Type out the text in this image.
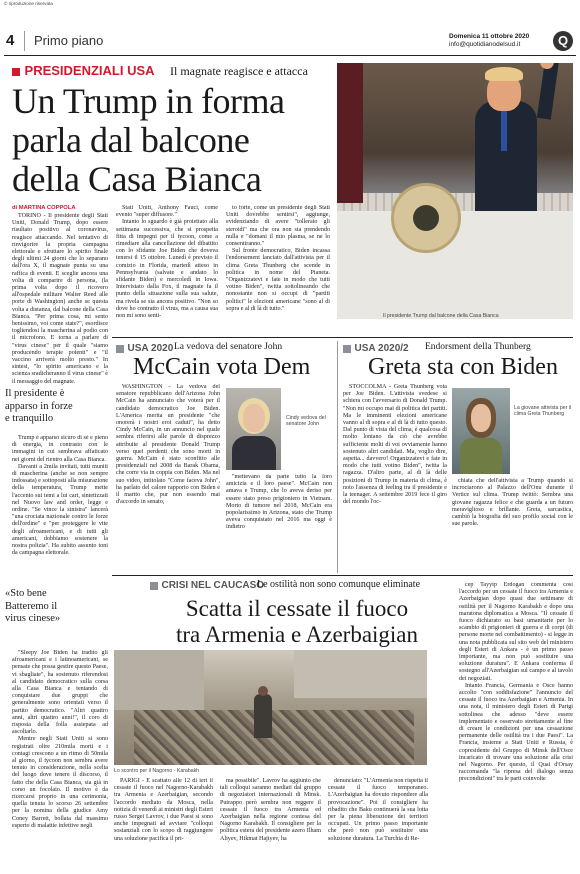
© riproduzione riservata
4 Primo piano	Domenica 11 ottobre 2020
info@quotidianodelsud.it	Q
PRESIDENZIALI USA Il magnate reagisce e attacca
Un Trump in forma
parla dal balcone
della Casa Bianca
Il presidente Trump dal balcone della Casa Bianca
di MARTINA COPPOLA

TORINO - Il presidente degli Stati Uniti, Donald Trump, dopo essere risultato positivo al coronavirus, reagisce attaccando. Nel tentativo di rinvigorire la propria campagna elettorale e sfruttare lo spirito finale degli ultimi 24 giorni che lo separano dall'ora X, il magnate punta su una raffica di eventi. E sceglie ancora una volta di comparire di persona, (la prima volta dopo il ricovero all'ospedale militare Walter Reed alle porte di Washington) anche se questa volta a distanza, dal balcone della Casa Bianca. "Per prima cosa, mi sento benissimo, voi come state?", esordisce togliendosi la mascherina al podio con il microfono. E torna a parlare di "virus cinese" per il quale "siamo producendo terapie potenti" e "il vaccino arriverà molto presto." In sintesi, "lo spirito americano e la scienza sradicheranno il virus cinese" è il messaggio del magnate.

Il presidente è apparso in forze e tranquillo

Trump è apparso sicuro di sé e pieno di energia, in contrasto con le immagini in cui sembrava affaticato nei giorni del rientro alla Casa Bianca.

Davanti a 2mila invitati, tutti muniti di mascherina (anche se non sempre indossata) e sottoposti alla misurazione della temperatura, Trump mette l'accento sui temi a lui cari, sintetizzati nel Nuovo law and order, legge e ordine. "Se vince la sinistra" lancerà "una crociata nazionale contro le forze dell'ordine" e "per proteggere le vite degli afroamericani, e di tutti gli americani, dobbiamo sostenere la nostra polizia". Ha subito assunto toni da campagna elettorale.

«Sto bene Batteremo il virus cinese»

"Sleepy Joe Biden ha tradito gli afroamericani e i latinoamericani, se pensate che possa gestire questo Paese, vi sbagliate", ha sostenuto riferendosi al candidato democratico sulla corsa alla Casa Bianca e tentando di conquistare due gruppi che generalmente sono orientati verso il partito democratico. "Altri quattro anni, altri quattro anni!", il coro di risposta della folla assiepata ad ascoltarlo.

Mentre negli Stati Uniti si sono registrati oltre 210mila morti e i contagi crescono a un ritmo di 50mila al giorno, il tycoon non sembra avere tenuto in considerazione, nella scelta del luogo dove tenere il discorso, il fatto che della Casa Bianca, sia già in corso un focolaio. Il motivo è da ricercarsi proprio in una cerimonia, quella tenuta lo scorso 26 settembre per la nomina della giudice Amy Coney Barrett, bollata dal massimo esperto di malattie infettive negli

Stati Uniti, Anthony Fauci, come evento "super diffusore."

Intanto lo sguardo è già proiettato alla settimana successiva, che si prospetta fitta di impegni per il tycoon, come a rimediare alla cancellazione del dibattito con lo sfidante Joe Biden che doveva tenersi il 15 ottobre. Lunedì è previsto il comizio in Florida, martedì atteso in Pennsylvania (salvate e andato lo sfidante Biden) e mercoledì in Iowa. Intervistato dalla Fox, il magnate fa il punto della situazione sulla sua salute, ma rivela se sia ancora positivo. "Non so dove ho contratto il virus, ma a causa sua non mi sono senti-

to forte, come un presidente degli Stati Uniti dovrebbe sentirsi", aggiunge, evidenziando di avere "tollerato gli steroidi" ma che ora non sta prendendo nulla e "domani il mio plasma, se ne lo consentiranno."

Sul fronte democratico, Biden incassa l'endorsement lanciato dall'attivista per il clima Greta Thunberg che scende in politica in nome del Pianeta. "Organizzatevi e fate in modo che tutti votino Biden", twitta sottolineando che nonostante non si occupi di "partiti politici" le elezioni americane "sono al di sopra e al di là di tutto."

USA 2020 La vedova del senatore John
McCain vota Dem

WASHINGTON - La vedova del senatore repubblicano dell'Arizona John McCain ha annunciato che voterà per il candidato democratico Joe Biden. L'America merita un presidente "che onorerà i nostri eroi caduti", ha detto Cindy McCain, in un annuncio nel quale sembra riferirsi alle parole di disprezzo attribuite al presidente Donald Trump verso quei perdenti che sono morti in guerra. McCain è stato sconfitto alle presidenziali nel 2008 da Barak Obama, che corre via in coppia con Biden. Ma nel suo video, intitolato "Come faceva John", ha parlato del calore rapporto con Biden e il marito che, pur non essendo mai d'accordo in senato,

Cindy vedova del senatore John

"mettevano da parte tutto la loro amicizia e il loro paese". McCain non amava e Trump, che lo aveva deriso per essere stato preso prigioniero in Vietnam. Morto di tumore nel 2018, McCain era popolarissimo in Arizona, stato che Trump aveva conquistato nel 2016 ma oggi è indietro

USA 2020/2 Endorsment della Thunberg
Greta sta con Biden

STOCCOLMA - Greta Thunberg vota per Joe Biden. L'attivista svedese si schiera con l'avversario di Donald Trump. "Non mi occupo mai di politica dei partiti. Ma le imminenti elezioni americane vanno al di sopra e al di là di tutto questo. Dal punto di vista del clima, è qualcosa di molto lontano da ciò che avrebbe sufficiente molti di voi ovviamente hanno sostenuto altri candidati. Ma, voglio dire, aspetta... davvero! Organizzatevi e fate in modo che tutti votino Biden", twitta la ragazza. D'altro parte, al di là delle posizioni di Trump in materia di clima, è noto l'assenza di feeling tra il presidente e la teenager. A settembre 2019 fece il giro del mondo l'oc-

La giovane attivista per il clima Greta Thunberg

chiata che dell'attivista a Trump quando si incrociarono al Palazzo dell'Onu durante il Vertice sul clima. Trump twittò: Sembra una giovane ragazza felice e che guarda a un futuro meraviglioso e brillante. Greta, sarcastica, cambiò la biografia del suo profilo social con le sue parole.

CRISI NEL CAUCASO
Le ostilità non sono comunque eliminate
Scatta il cessate il fuoco
tra Armenia e Azerbaigian
Lo scontro per il Nagorno - Karabakh

PARIGI - È scattato alle 12 di ieri il cessate il fuoco nel Nagorno-Karabakh tra Armenia e Azerbaigian, secondo l'accordo mediato da Mosca, nella notizia di venerdì ai ministri degli Esteri russo Sergei Lavrov, i due Paesi si sono anche impegnati ad avviare "colloqui sostanziali con lo scopo di raggiungere una soluzione pacifica il pri-

ma possibile". Lavrov ha aggiunto che tali colloqui saranno mediati dal gruppo di negoziatori internazionali di Minsk. Putrappo però sembra non reggere il cessate il fuoco tra Armenia ed Azerbaigian nella regione contesa del Nagorno Karabakh. Il consigliere per la politica estera del presidente azero Ilham Aliyev, Hikmat Hajiyev, ha

denunciato: "L'Armenia non rispetta il cessate il fuoco temporaneo. L'Azerbaigian ha dovuto rispondere alla provocazione". Poi il consigliere ha ribadito che Baku continuerà la sua lotta per la piena liberazione dei territori occupati. Un primo passo importante che però non può sostituire una soluzione duratura. La Turchia di Re-

cep Tayyip Erdogan commenta così l'accordo per un cessate il fuoco tra Armenia e Azerbaigian dopo quasi due settimane di ostilità per il Nagorno Karabakh e dopo una maratona diplomatica a Mosca. "Il cessate il fuoco dichiarato su basi umanitarie per lo scambio di prigionieri di guerra e di corpi (di persone morte nel combattimento) - si legge in una nota pubblicata sul sito web del ministero degli Esteri di Ankara - è un primo passo importante, ma non può sostituire una soluzione duratura". E Ankara conferma il sostegno all'Azerbaigian sul campo e al tavolo dei negoziati.

Intanto Francia, Germania e Osce hanno accolto "con soddisfazione" l'annuncio del cessate il fuoco tra Azerbaigian e Armenia. In una nota, il ministero degli Esteri di Parigi sottolinea che adesso "deve essere implementato e osservato strettamente al fine di creare le condizioni per una cessazione permanente delle ostilità tra i due Paesi". La Francia, insieme a Stati Uniti e Russia, è copresidente del Gruppo di Minsk dell'Osce incaricato di trovare una soluzione alla crisi nel Nagorno. Per questo, il Quai d'Orsay raccomanda "la ripresa del dialogo senza precondizioni" tra le parti coinvolte
